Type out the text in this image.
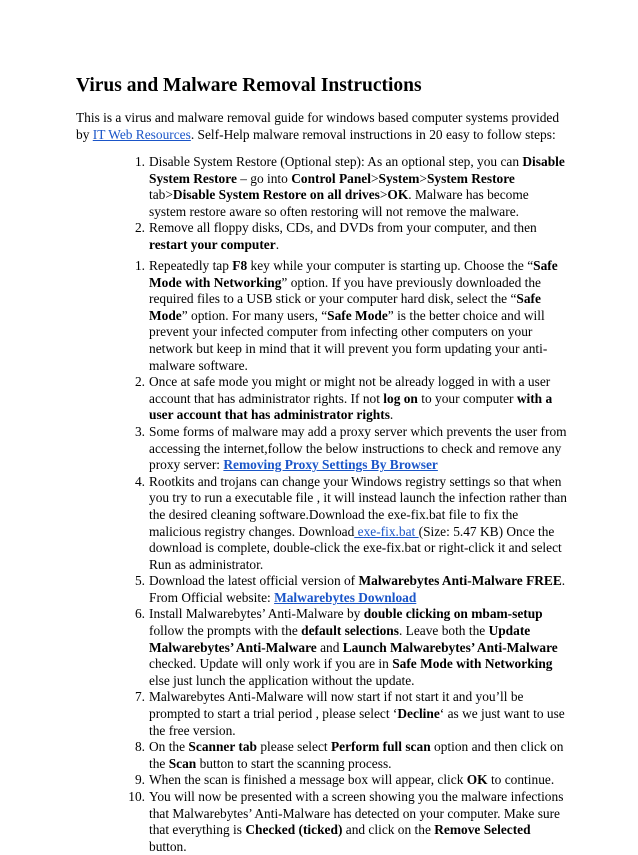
Virus and Malware Removal Instructions

This is a virus and malware removal guide for windows based computer systems provided by IT Web Resources. Self-Help malware removal instructions in 20 easy to follow steps:

1. Disable System Restore (Optional step): As an optional step, you can Disable System Restore – go into Control Panel>System>System Restore tab>Disable System Restore on all drives>OK. Malware has become system restore aware so often restoring will not remove the malware.
2. Remove all floppy disks, CDs, and DVDs from your computer, and then restart your computer.
1. Repeatedly tap F8 key while your computer is starting up. Choose the “Safe Mode with Networking” option. If you have previously downloaded the required files to a USB stick or your computer hard disk, select the “Safe Mode” option. For many users, “Safe Mode” is the better choice and will prevent your infected computer from infecting other computers on your network but keep in mind that it will prevent you form updating your anti-malware software.
2. Once at safe mode you might or might not be already logged in with a user account that has administrator rights. If not log on to your computer with a user account that has administrator rights.
3. Some forms of malware may add a proxy server which prevents the user from accessing the internet,follow the below instructions to check and remove any proxy server: Removing Proxy Settings By Browser
4. Rootkits and trojans can change your Windows registry settings so that when you try to run a executable file , it will instead launch the infection rather than the desired cleaning software.Download the exe-fix.bat file to fix the malicious registry changes. Download exe-fix.bat (Size: 5.47 KB) Once the download is complete, double-click the exe-fix.bat or right-click it and select Run as administrator.
5. Download the latest official version of Malwarebytes Anti-Malware FREE. From Official website: Malwarebytes Download
6. Install Malwarebytes’ Anti-Malware by double clicking on mbam-setup follow the prompts with the default selections. Leave both the Update Malwarebytes’ Anti-Malware and Launch Malwarebytes’ Anti-Malware checked. Update will only work if you are in Safe Mode with Networking else just lunch the application without the update.
7. Malwarebytes Anti-Malware will now start if not start it and you’ll be prompted to start a trial period , please select ‘Decline‘ as we just want to use the free version.
8. On the Scanner tab please select Perform full scan option and then click on the Scan button to start the scanning process.
9. When the scan is finished a message box will appear, click OK to continue.
10. You will now be presented with a screen showing you the malware infections that Malwarebytes’ Anti-Malware has detected on your computer. Make sure that everything is Checked (ticked) and click on the Remove Selected button.
